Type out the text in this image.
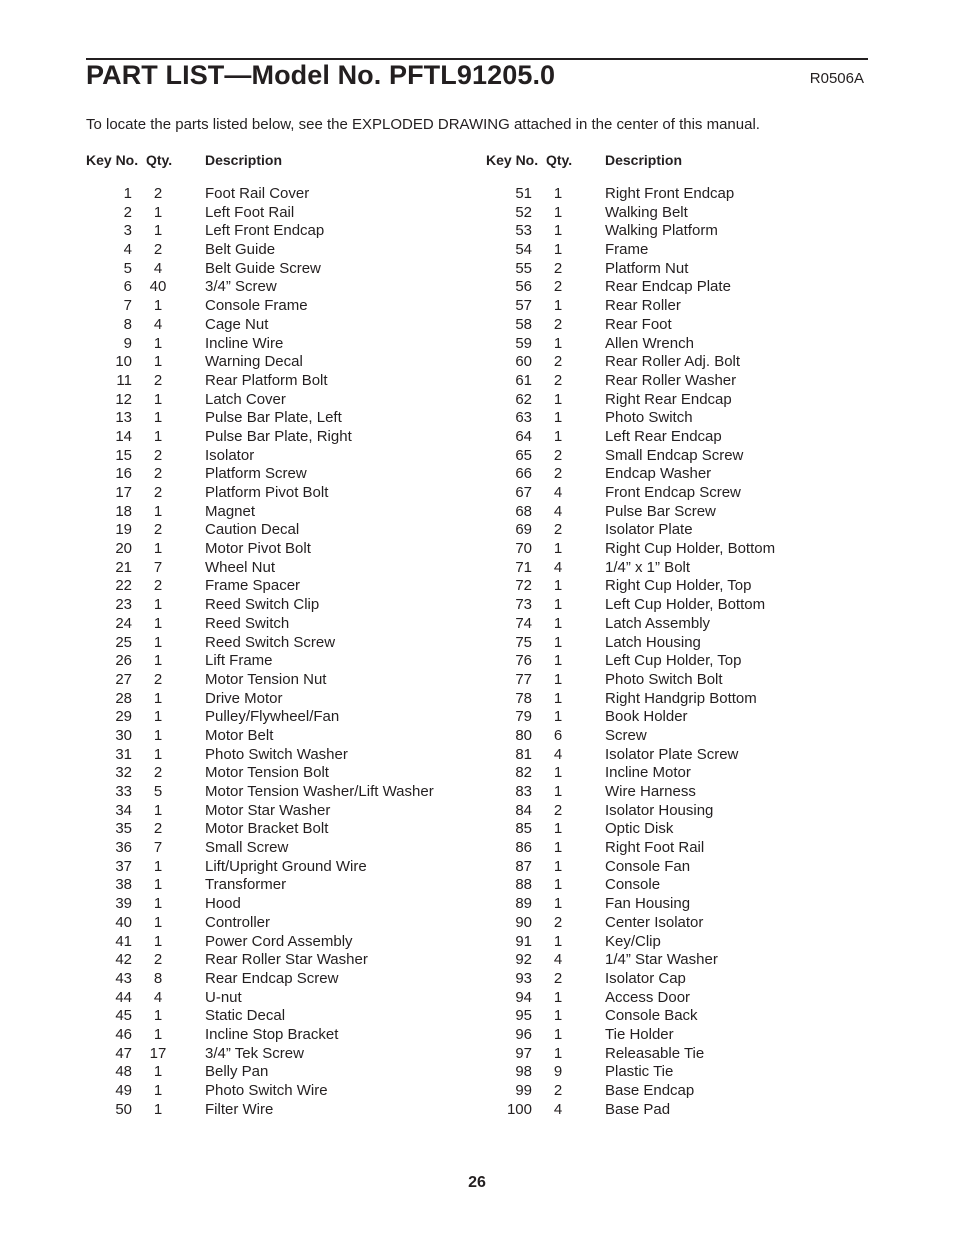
PART LIST—Model No. PFTL91205.0	R0506A
To locate the parts listed below, see the EXPLODED DRAWING attached in the center of this manual.
Key No. Qty. Description
1	2	Foot Rail Cover
2	1	Left Foot Rail
3	1	Left Front Endcap
4	2	Belt Guide
5	4	Belt Guide Screw
6	40	3/4” Screw
7	1	Console Frame
8	4	Cage Nut
9	1	Incline Wire
10	1	Warning Decal
11	2	Rear Platform Bolt
12	1	Latch Cover
13	1	Pulse Bar Plate, Left
14	1	Pulse Bar Plate, Right
15	2	Isolator
16	2	Platform Screw
17	2	Platform Pivot Bolt
18	1	Magnet
19	2	Caution Decal
20	1	Motor Pivot Bolt
21	7	Wheel Nut
22	2	Frame Spacer
23	1	Reed Switch Clip
24	1	Reed Switch
25	1	Reed Switch Screw
26	1	Lift Frame
27	2	Motor Tension Nut
28	1	Drive Motor
29	1	Pulley/Flywheel/Fan
30	1	Motor Belt
31	1	Photo Switch Washer
32	2	Motor Tension Bolt
33	5	Motor Tension Washer/Lift Washer
34	1	Motor Star Washer
35	2	Motor Bracket Bolt
36	7	Small Screw
37	1	Lift/Upright Ground Wire
38	1	Transformer
39	1	Hood
40	1	Controller
41	1	Power Cord Assembly
42	2	Rear Roller Star Washer
43	8	Rear Endcap Screw
44	4	U-nut
45	1	Static Decal
46	1	Incline Stop Bracket
47	17	3/4” Tek Screw
48	1	Belly Pan
49	1	Photo Switch Wire
50	1	Filter Wire
Key No. Qty. Description
51	1	Right Front Endcap
52	1	Walking Belt
53	1	Walking Platform
54	1	Frame
55	2	Platform Nut
56	2	Rear Endcap Plate
57	1	Rear Roller
58	2	Rear Foot
59	1	Allen Wrench
60	2	Rear Roller Adj. Bolt
61	2	Rear Roller Washer
62	1	Right Rear Endcap
63	1	Photo Switch
64	1	Left Rear Endcap
65	2	Small Endcap Screw
66	2	Endcap Washer
67	4	Front Endcap Screw
68	4	Pulse Bar Screw
69	2	Isolator Plate
70	1	Right Cup Holder, Bottom
71	4	1/4” x 1” Bolt
72	1	Right Cup Holder, Top
73	1	Left Cup Holder, Bottom
74	1	Latch Assembly
75	1	Latch Housing
76	1	Left Cup Holder, Top
77	1	Photo Switch Bolt
78	1	Right Handgrip Bottom
79	1	Book Holder
80	6	Screw
81	4	Isolator Plate Screw
82	1	Incline Motor
83	1	Wire Harness
84	2	Isolator Housing
85	1	Optic Disk
86	1	Right Foot Rail
87	1	Console Fan
88	1	Console
89	1	Fan Housing
90	2	Center Isolator
91	1	Key/Clip
92	4	1/4” Star Washer
93	2	Isolator Cap
94	1	Access Door
95	1	Console Back
96	1	Tie Holder
97	1	Releasable Tie
98	9	Plastic Tie
99	2	Base Endcap
100	4	Base Pad
26
